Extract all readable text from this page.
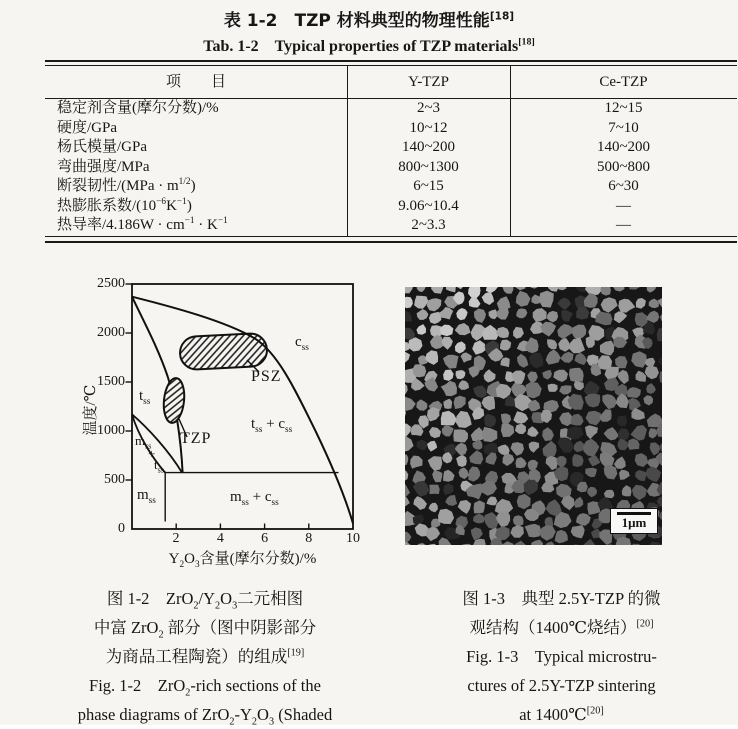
表 1-2　TZP 材料典型的物理性能[18]
Tab. 1-2　Typical properties of TZP materials[18]
项　　目	Y-TZP	Ce-TZP
稳定剂含量(摩尔分数)/%	2~3	12~15
硬度/GPa	10~12	7~10
杨氏模量/GPa	140~200	140~200
弯曲强度/MPa	800~1300	500~800
断裂韧性$/(MPa \cdot m^{1/2})$	6~15	6~30
热膨胀系数$/(10^{-6}K^{-1})$	9.06~10.4	—
热导率$/4.186W \cdot cm^{-1} \cdot K^{-1}$	2~3.3	—
2500
2000
1500
1000
500
0
2	4	6	8	10
温度/℃
$Y_2O_3$含量(摩尔分数)/%
$t_{ss}$
$c_{ss}$
$t_{ss} + c_{ss}$
PSZ
TZP
$m_{ss}$
+
$t_{ss}$
$m_{ss}$	$m_{ss} + c_{ss}$
1μm
图 1-2　$ZrO_2/Y_2O_3$二元相图
中富 ZrO$_2$ 部分（图中阴影部分
为商品工程陶瓷）的组成[19]
Fig. 1-2　ZrO$_2$-rich sections of the
phase diagrams of $ZrO_2-Y_2O_3$ (Shaded
图 1-3　典型 2.5Y-TZP 的微
观结构（1400℃烧结）[20]
Fig. 1-3　Typical microstru-
ctures of 2.5Y-TZP sintering
at 1400℃[20]
